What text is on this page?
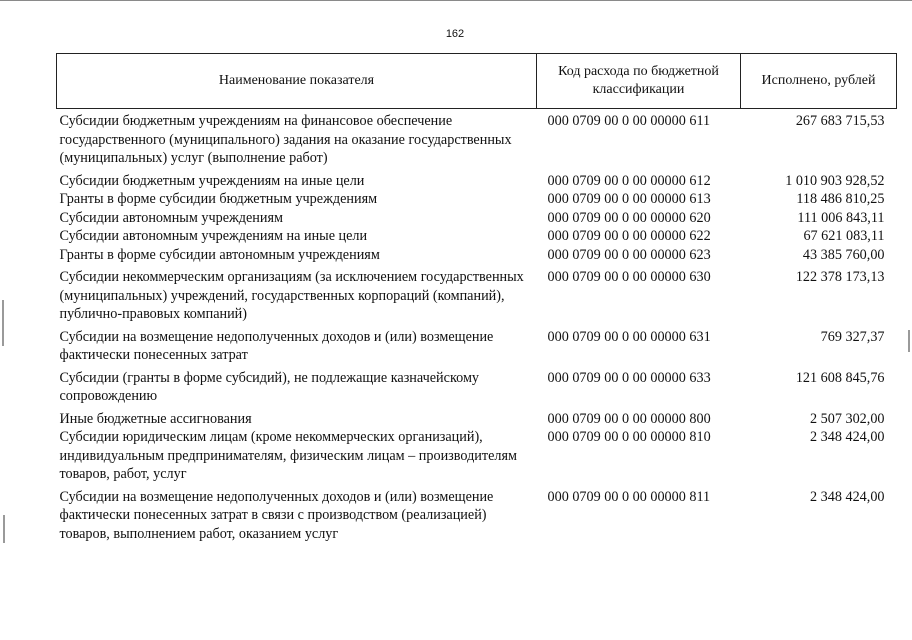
162
Наименование показателя	Код расхода по бюджетной классификации	Исполнено, рублей
Субсидии бюджетным учреждениям на финансовое обеспечение государственного (муниципального) задания на оказание государственных (муниципальных) услуг (выполнение работ)	000 0709 00 0 00 00000 611	267 683 715,53
Субсидии бюджетным учреждениям на иные цели	000 0709 00 0 00 00000 612	1 010 903 928,52
Гранты в форме субсидии бюджетным учреждениям	000 0709 00 0 00 00000 613	118 486 810,25
Субсидии автономным учреждениям	000 0709 00 0 00 00000 620	111 006 843,11
Субсидии автономным учреждениям на иные цели	000 0709 00 0 00 00000 622	67 621 083,11
Гранты в форме субсидии автономным учреждениям	000 0709 00 0 00 00000 623	43 385 760,00
Субсидии некоммерческим организациям (за исключением государственных (муниципальных) учреждений, государственных корпораций (компаний), публично-правовых компаний)	000 0709 00 0 00 00000 630	122 378 173,13
Субсидии на возмещение недополученных доходов и (или) возмещение фактически понесенных затрат	000 0709 00 0 00 00000 631	769 327,37
Субсидии (гранты в форме субсидий), не подлежащие казначейскому сопровождению	000 0709 00 0 00 00000 633	121 608 845,76
Иные бюджетные ассигнования	000 0709 00 0 00 00000 800	2 507 302,00
Субсидии юридическим лицам (кроме некоммерческих организаций), индивидуальным предпринимателям, физическим лицам – производителям товаров, работ, услуг	000 0709 00 0 00 00000 810	2 348 424,00
Субсидии на возмещение недополученных доходов и (или) возмещение фактически понесенных затрат в связи с производством (реализацией) товаров, выполнением работ, оказанием услуг	000 0709 00 0 00 00000 811	2 348 424,00
